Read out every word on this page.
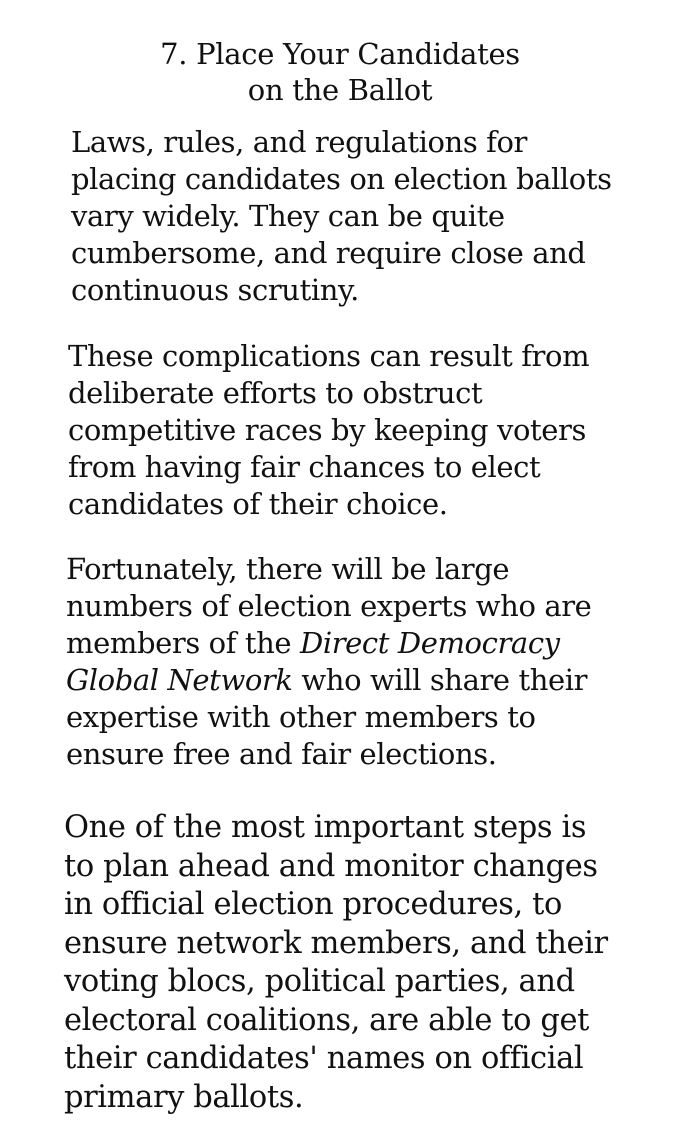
7. Place Your Candidates
on the Ballot

Laws, rules, and regulations for
placing candidates on election ballots
vary widely. They can be quite
cumbersome, and require close and
continuous scrutiny.

These complications can result from
deliberate efforts to obstruct
competitive races by keeping voters
from having fair chances to elect
candidates of their choice.

Fortunately, there will be large
numbers of election experts who are
members of the Direct Democracy
Global Network who will share their
expertise with other members to
ensure free and fair elections.

One of the most important steps is
to plan ahead and monitor changes
in official election procedures, to
ensure network members, and their
voting blocs, political parties, and
electoral coalitions, are able to get
their candidates' names on official
primary ballots.
